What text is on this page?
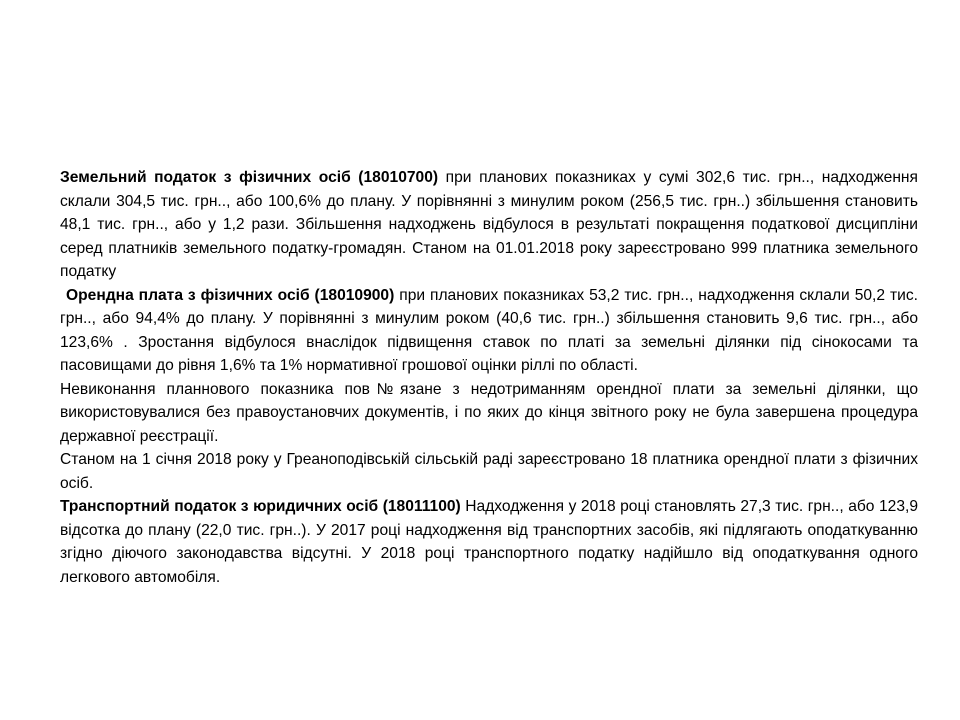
Земельний податок з фізичних осіб (18010700) при планових показниках у сумі 302,6 тис. грн.., надходження склали 304,5 тис. грн.., або 100,6% до плану. У порівнянні з минулим роком (256,5 тис. грн..) збільшення становить 48,1 тис. грн.., або у 1,2 рази. Збільшення надходжень відбулося в результаті покращення податкової дисципліни серед платників земельного податку-громадян. Станом на 01.01.2018 року зареєстровано 999 платника земельного податку

Орендна плата з фізичних осіб (18010900) при планових показниках 53,2 тис. грн.., надходження склали 50,2 тис. грн.., або 94,4% до плану. У порівнянні з минулим роком (40,6 тис. грн..) збільшення становить 9,6 тис. грн.., або 123,6% . Зростання відбулося внаслідок підвищення ставок по платі за земельні ділянки під сінокосами та пасовищами до рівня 1,6% та 1% нормативної грошової оцінки ріллі по області.

Невиконання планнового показника пов№язане з недотриманням орендної плати за земельні ділянки, що використовувалися без правоустановчих документів, і по яких до кінця звітного року не була завершена процедура державної реєстрації.

Станом на 1 січня 2018 року у Греаноподівській сільській раді зареєстровано 18 платника орендної плати з фізичних осіб.

Транспортний податок з юридичних осіб (18011100) Надходження у 2018 році становлять 27,3 тис. грн.., або 123,9 відсотка до плану (22,0 тис. грн..). У 2017 році надходження від транспортних засобів, які підлягають оподаткуванню згідно діючого законодавства відсутні. У 2018 році транспортного податку надійшло від оподаткування одного легкового автомобіля.
